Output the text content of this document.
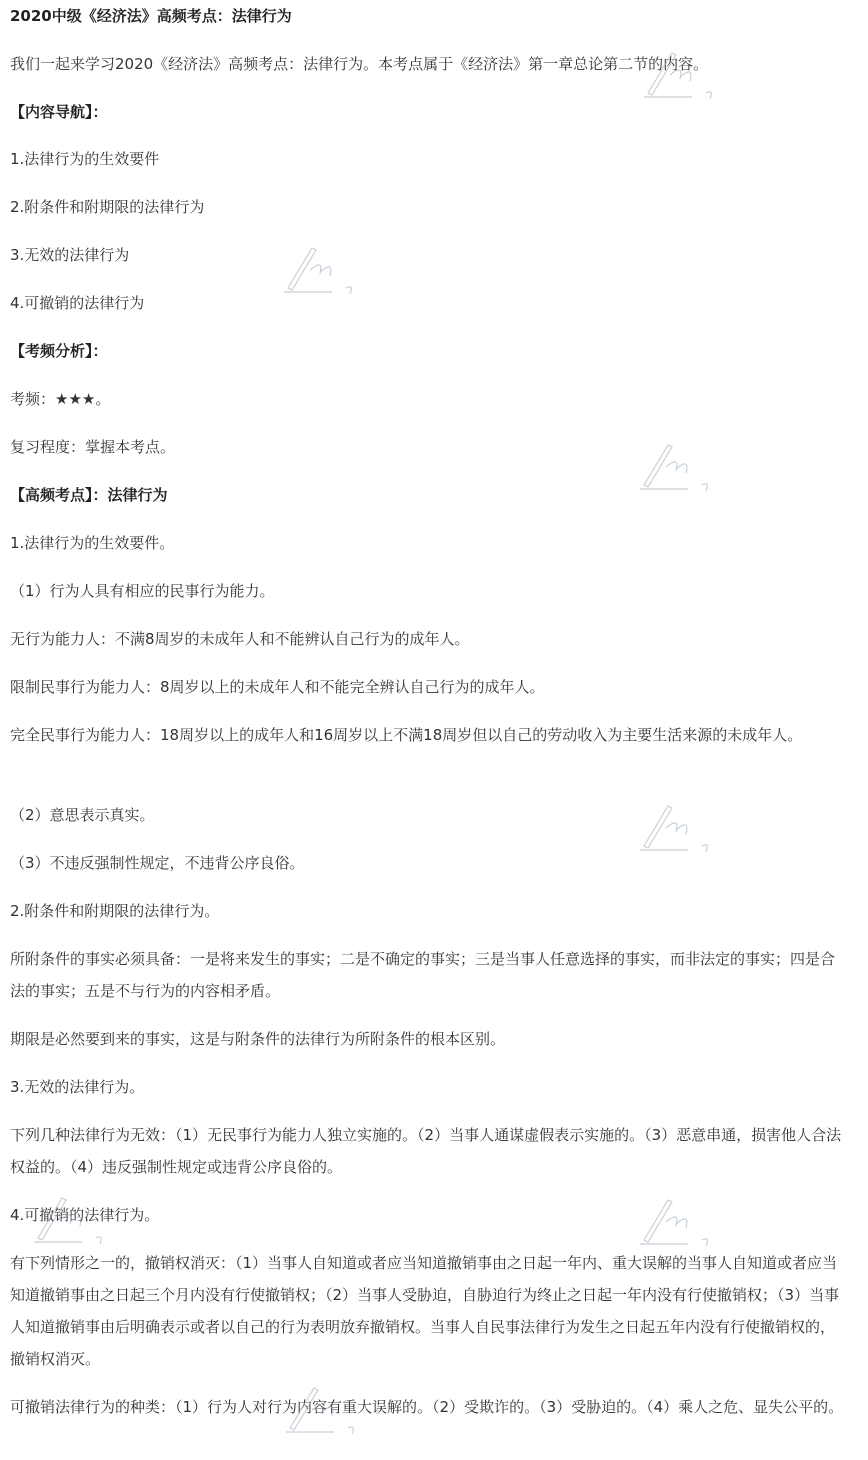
2020中级《经济法》高频考点：法律行为
我们一起来学习2020《经济法》高频考点：法律行为。本考点属于《经济法》第一章总论第二节的内容。
【内容导航】：
1.法律行为的生效要件
2.附条件和附期限的法律行为
3.无效的法律行为
4.可撤销的法律行为
【考频分析】：
考频：★★★。
复习程度：掌握本考点。
【高频考点】：法律行为
1.法律行为的生效要件。
（1）行为人具有相应的民事行为能力。
无行为能力人：不满8周岁的未成年人和不能辨认自己行为的成年人。
限制民事行为能力人：8周岁以上的未成年人和不能完全辨认自己行为的成年人。
完全民事行为能力人：18周岁以上的成年人和16周岁以上不满18周岁但以自己的劳动收入为主要生活来源的未成年人。
（2）意思表示真实。
（3）不违反强制性规定，不违背公序良俗。
2.附条件和附期限的法律行为。
所附条件的事实必须具备：一是将来发生的事实；二是不确定的事实；三是当事人任意选择的事实，而非法定的事实；四是合法的事实；五是不与行为的内容相矛盾。
期限是必然要到来的事实，这是与附条件的法律行为所附条件的根本区别。
3.无效的法律行为。
下列几种法律行为无效：（1）无民事行为能力人独立实施的。（2）当事人通谋虚假表示实施的。（3）恶意串通，损害他人合法权益的。（4）违反强制性规定或违背公序良俗的。
4.可撤销的法律行为。
有下列情形之一的，撤销权消灭：（1）当事人自知道或者应当知道撤销事由之日起一年内、重大误解的当事人自知道或者应当知道撤销事由之日起三个月内没有行使撤销权；（2）当事人受胁迫，自胁迫行为终止之日起一年内没有行使撤销权；（3）当事人知道撤销事由后明确表示或者以自己的行为表明放弃撤销权。当事人自民事法律行为发生之日起五年内没有行使撤销权的，撤销权消灭。
可撤销法律行为的种类：（1）行为人对行为内容有重大误解的。（2）受欺诈的。（3）受胁迫的。（4）乘人之危、显失公平的。
